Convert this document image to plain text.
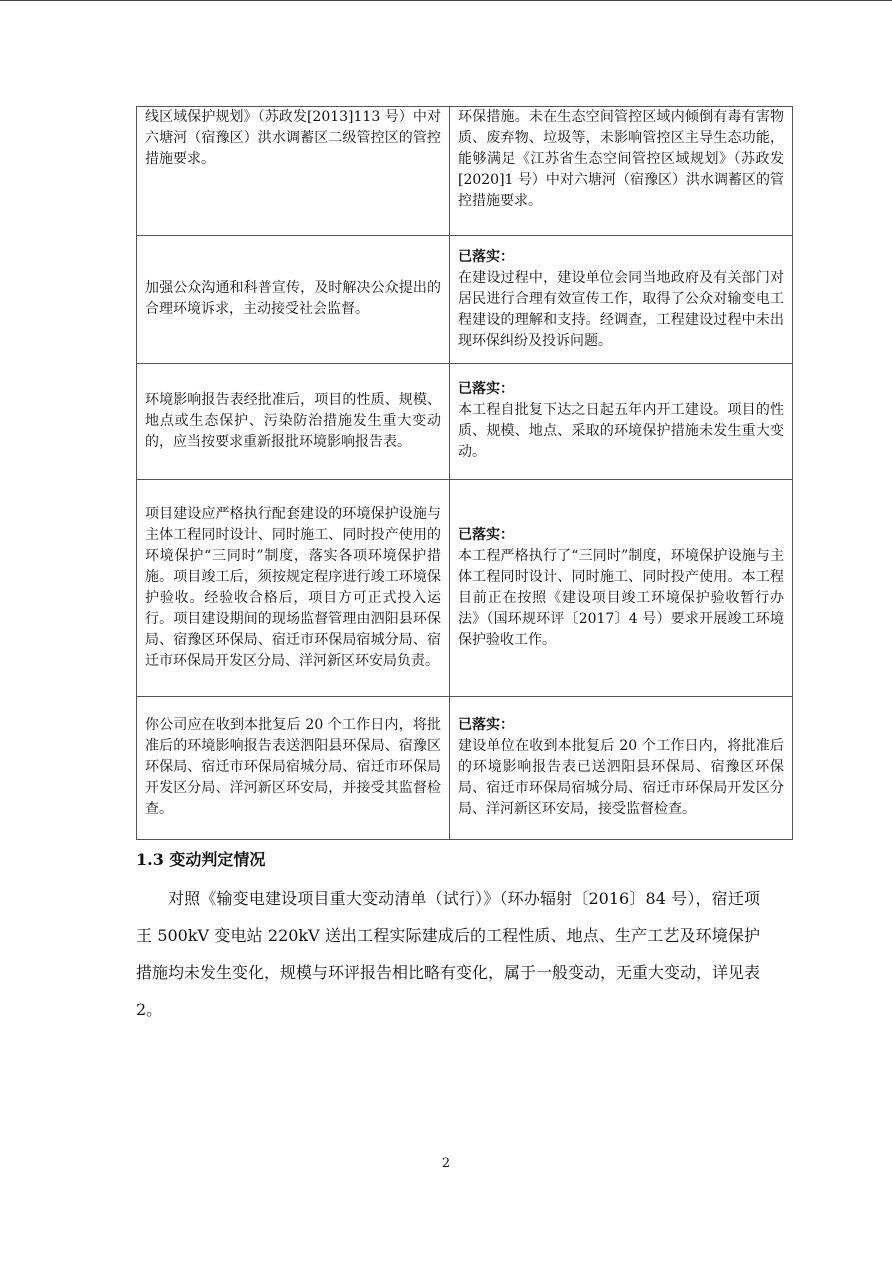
线区域保护规划》（苏政发[2013]113 号）中对六塘河（宿豫区）洪水调蓄区二级管控区的管控措施要求。	环保措施。未在生态空间管控区域内倾倒有毒有害物质、废弃物、垃圾等，未影响管控区主导生态功能，能够满足《江苏省生态空间管控区域规划》（苏政发[2020]1 号）中对六塘河（宿豫区）洪水调蓄区的管控措施要求。

加强公众沟通和科普宣传，及时解决公众提出的合理环境诉求，主动接受社会监督。	已落实：
在建设过程中，建设单位会同当地政府及有关部门对居民进行合理有效宣传工作，取得了公众对输变电工程建设的理解和支持。经调查，工程建设过程中未出现环保纠纷及投诉问题。

环境影响报告表经批准后，项目的性质、规模、地点或生态保护、污染防治措施发生重大变动的，应当按要求重新报批环境影响报告表。	已落实：
本工程自批复下达之日起五年内开工建设。项目的性质、规模、地点、采取的环境保护措施未发生重大变动。

项目建设应严格执行配套建设的环境保护设施与主体工程同时设计、同时施工、同时投产使用的环境保护“三同时”制度，落实各项环境保护措施。项目竣工后，须按规定程序进行竣工环境保护验收。经验收合格后，项目方可正式投入运行。项目建设期间的现场监督管理由泗阳县环保局、宿豫区环保局、宿迁市环保局宿城分局、宿迁市环保局开发区分局、洋河新区环安局负责。	已落实：
本工程严格执行了“三同时”制度，环境保护设施与主体工程同时设计、同时施工、同时投产使用。本工程目前正在按照《建设项目竣工环境保护验收暂行办法》（国环规环评〔2017〕4 号）要求开展竣工环境保护验收工作。

你公司应在收到本批复后 20 个工作日内，将批准后的环境影响报告表送泗阳县环保局、宿豫区环保局、宿迁市环保局宿城分局、宿迁市环保局开发区分局、洋河新区环安局，并接受其监督检查。	已落实：
建设单位在收到本批复后 20 个工作日内，将批准后的环境影响报告表已送泗阳县环保局、宿豫区环保局、宿迁市环保局宿城分局、宿迁市环保局开发区分局、洋河新区环安局，接受监督检查。
1.3 变动判定情况

对照《输变电建设项目重大变动清单（试行）》（环办辐射〔2016〕84 号），宿迁项王 500kV 变电站 220kV 送出工程实际建成后的工程性质、地点、生产工艺及环境保护措施均未发生变化，规模与环评报告相比略有变化，属于一般变动，无重大变动，详见表 2。

2
